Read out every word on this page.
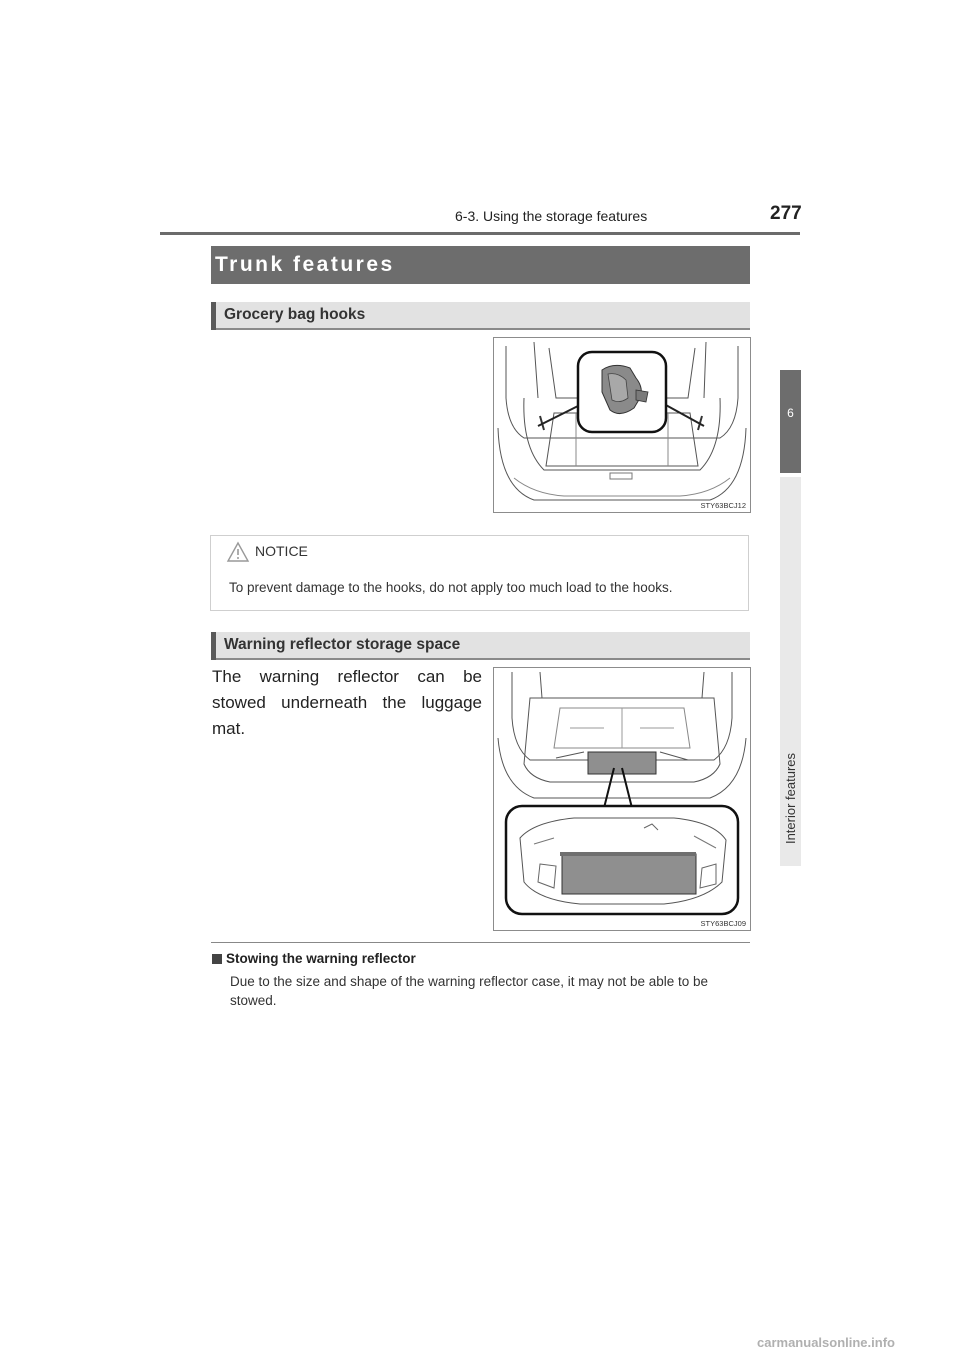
6-3. Using the storage features	277
6
Interior features
Trunk features
Grocery bag hooks
STY63BCJ12
NOTICE
To prevent damage to the hooks, do not apply too much load to the hooks.
Warning reflector storage space
The warning reflector can be stowed underneath the luggage mat.
STY63BCJ09
Stowing the warning reflector
Due to the size and shape of the warning reflector case, it may not be able to be stowed.
carmanualsonline.info
